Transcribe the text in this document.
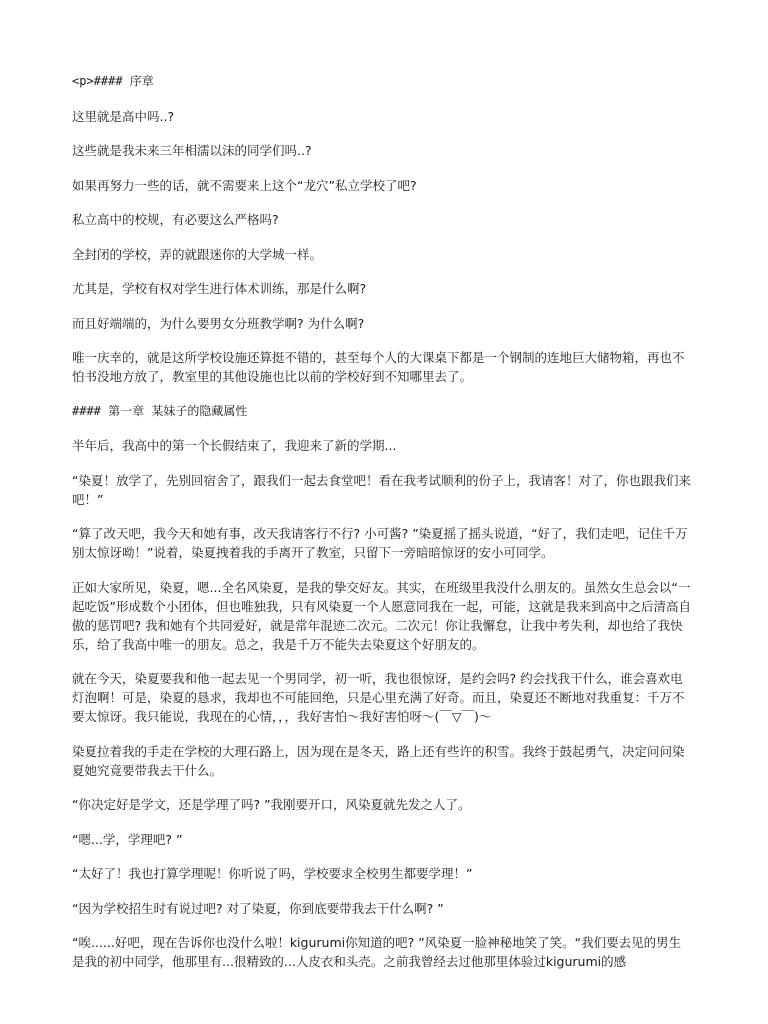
<p>#### 序章

这里就是高中吗..?

这些就是我未来三年相濡以沫的同学们吗..?

如果再努力一些的话，就不需要来上这个“龙穴”私立学校了吧?

私立高中的校规，有必要这么严格吗?

全封闭的学校，弄的就跟迷你的大学城一样。

尤其是，学校有权对学生进行体术训练，那是什么啊?

而且好端端的，为什么要男女分班教学啊? 为什么啊?

唯一庆幸的，就是这所学校设施还算挺不错的，甚至每个人的大课桌下都是一个钢制的连地巨大储物箱，再也不怕书没地方放了，教室里的其他设施也比以前的学校好到不知哪里去了。

#### 第一章 某妹子的隐藏属性

半年后，我高中的第一个长假结束了，我迎来了新的学期...

“染夏！放学了，先别回宿舍了，跟我们一起去食堂吧！看在我考试顺利的份子上，我请客！对了，你也跟我们来吧！”

“算了改天吧，我今天和她有事，改天我请客行不行? 小可酱? ”染夏摇了摇头说道，“好了，我们走吧，记住千万别太惊讶呦！”说着，染夏拽着我的手离开了教室，只留下一旁暗暗惊讶的安小可同学。

正如大家所见，染夏，嗯...全名风染夏，是我的挚交好友。其实，在班级里我没什么朋友的。虽然女生总会以“一起吃饭”形成数个小团体，但也唯独我，只有风染夏一个人愿意同我在一起，可能，这就是我来到高中之后清高自傲的惩罚吧? 我和她有个共同爱好，就是常年混迹二次元。二次元！你让我懈怠，让我中考失利，却也给了我快乐，给了我高中唯一的朋友。总之，我是千万不能失去染夏这个好朋友的。

就在今天，染夏要我和他一起去见一个男同学，初一听，我也很惊讶，是约会吗? 约会找我干什么，谁会喜欢电灯泡啊！可是，染夏的恳求，我却也不可能回绝，只是心里充满了好奇。而且，染夏还不断地对我重复：千万不要太惊讶。我只能说，我现在的心情，，，我好害怕～我好害怕呀～(￣▽￣)～

染夏拉着我的手走在学校的大理石路上，因为现在是冬天，路上还有些许的积雪。我终于鼓起勇气，决定问问染夏她究竟要带我去干什么。

“你决定好是学文，还是学理了吗? ”我刚要开口，风染夏就先发之人了。

“嗯...学，学理吧? ”

“太好了！我也打算学理呢！你听说了吗，学校要求全校男生都要学理！”

“因为学校招生时有说过吧? 对了染夏，你到底要带我去干什么啊? ”

“唉......好吧，现在告诉你也没什么啦！kigurumi你知道的吧? ”风染夏一脸神秘地笑了笑。“我们要去见的男生是我的初中同学，他那里有...很精致的...人皮衣和头壳。之前我曾经去过他那里体验过kigurumi的感
